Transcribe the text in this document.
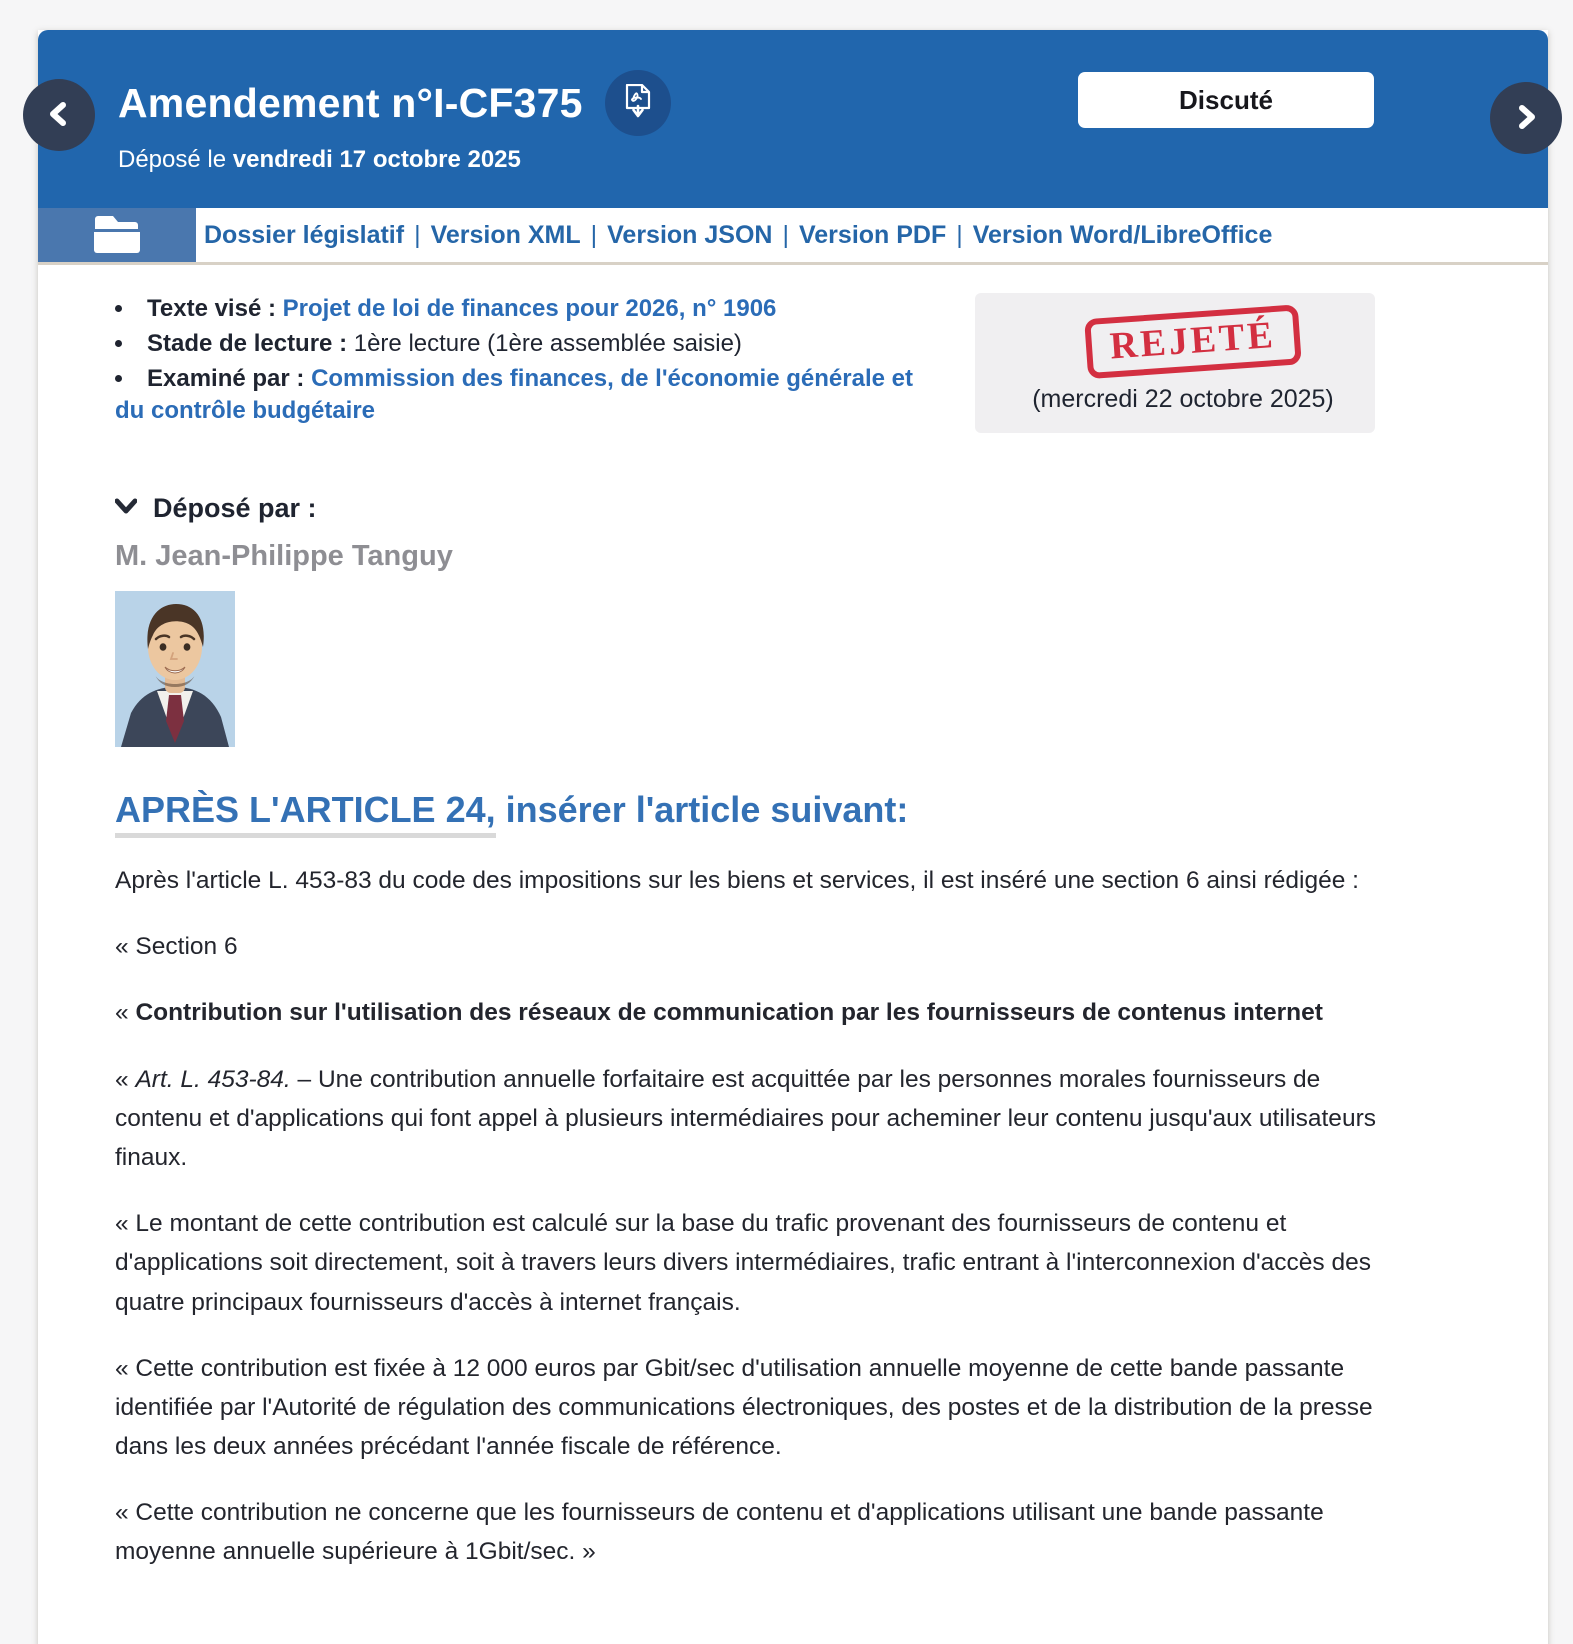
Amendement n°I-CF375
Déposé le vendredi 17 octobre 2025
Discuté
Dossier législatif | Version XML | Version JSON | Version PDF | Version Word/LibreOffice
• Texte visé : Projet de loi de finances pour 2026, n° 1906
• Stade de lecture : 1ère lecture (1ère assemblée saisie)
• Examiné par : Commission des finances, de l'économie générale et du contrôle budgétaire
REJETÉ
(mercredi 22 octobre 2025)
Déposé par :
M. Jean-Philippe Tanguy
APRÈS L'ARTICLE 24, insérer l'article suivant:

Après l'article L. 453-83 du code des impositions sur les biens et services, il est inséré une section 6 ainsi rédigée :

« Section 6

« Contribution sur l'utilisation des réseaux de communication par les fournisseurs de contenus internet

« Art. L. 453-84. – Une contribution annuelle forfaitaire est acquittée par les personnes morales fournisseurs de contenu et d'applications qui font appel à plusieurs intermédiaires pour acheminer leur contenu jusqu'aux utilisateurs finaux.

« Le montant de cette contribution est calculé sur la base du trafic provenant des fournisseurs de contenu et d'applications soit directement, soit à travers leurs divers intermédiaires, trafic entrant à l'interconnexion d'accès des quatre principaux fournisseurs d'accès à internet français.

« Cette contribution est fixée à 12 000 euros par Gbit/sec d'utilisation annuelle moyenne de cette bande passante identifiée par l'Autorité de régulation des communications électroniques, des postes et de la distribution de la presse dans les deux années précédant l'année fiscale de référence.

« Cette contribution ne concerne que les fournisseurs de contenu et d'applications utilisant une bande passante moyenne annuelle supérieure à 1Gbit/sec. »
